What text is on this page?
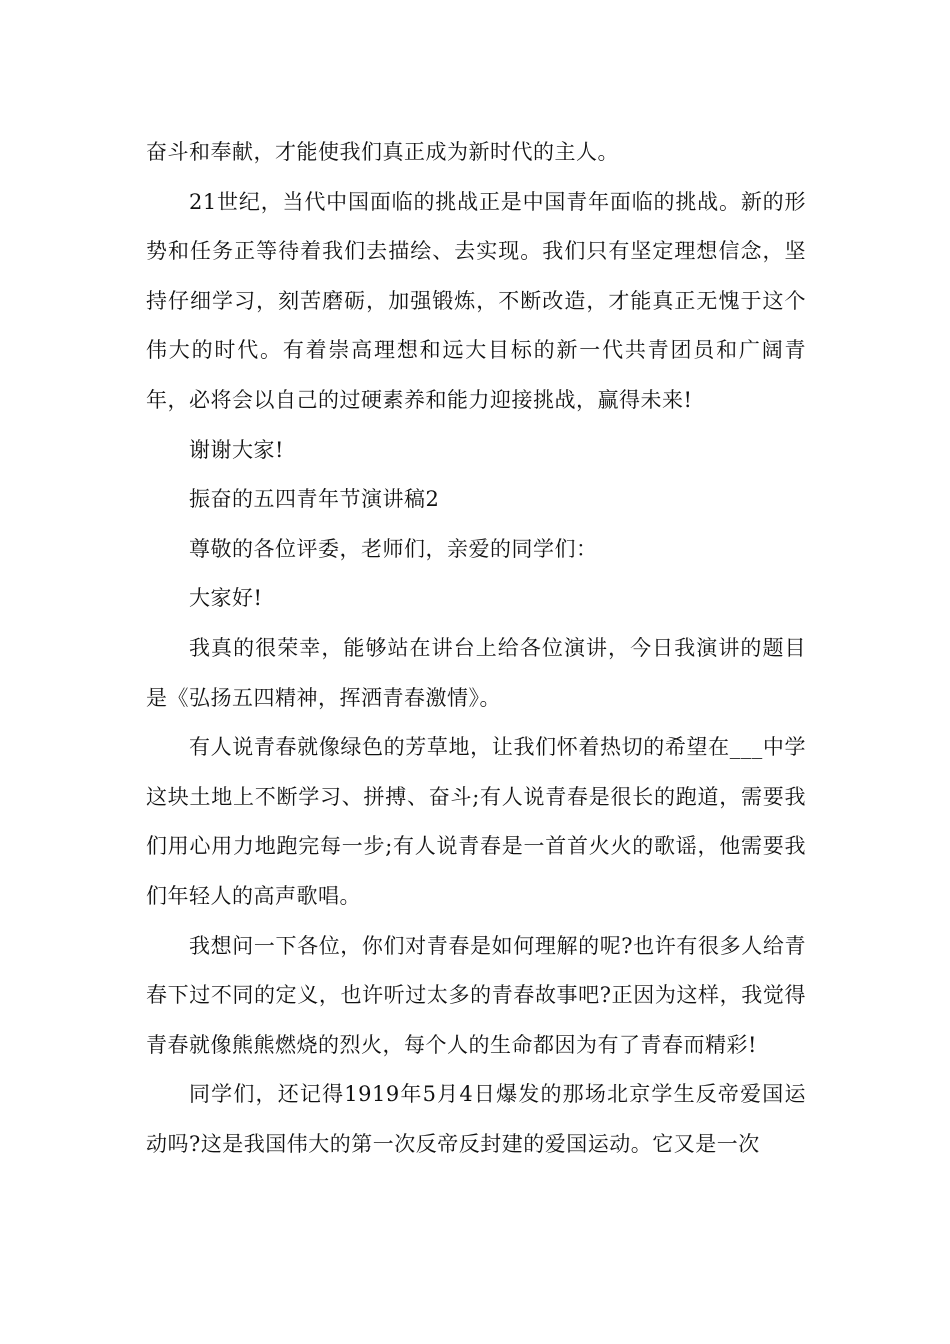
奋斗和奉献，才能使我们真正成为新时代的主人。

21世纪，当代中国面临的挑战正是中国青年面临的挑战。新的形势和任务正等待着我们去描绘、去实现。我们只有坚定理想信念，坚持仔细学习，刻苦磨砺，加强锻炼，不断改造，才能真正无愧于这个伟大的时代。有着崇高理想和远大目标的新一代共青团员和广阔青年，必将会以自己的过硬素养和能力迎接挑战，赢得未来!

谢谢大家!

振奋的五四青年节演讲稿2

尊敬的各位评委，老师们，亲爱的同学们：

大家好!

我真的很荣幸，能够站在讲台上给各位演讲，今日我演讲的题目是《弘扬五四精神，挥洒青春激情》。

有人说青春就像绿色的芳草地，让我们怀着热切的希望在___中学这块土地上不断学习、拼搏、奋斗;有人说青春是很长的跑道，需要我们用心用力地跑完每一步;有人说青春是一首首火火的歌谣，他需要我们年轻人的高声歌唱。

我想问一下各位，你们对青春是如何理解的呢?也许有很多人给青春下过不同的定义，也许听过太多的青春故事吧?正因为这样，我觉得青春就像熊熊燃烧的烈火，每个人的生命都因为有了青春而精彩!

同学们，还记得1919年5月4日爆发的那场北京学生反帝爱国运动吗?这是我国伟大的第一次反帝反封建的爱国运动。它又是一次
